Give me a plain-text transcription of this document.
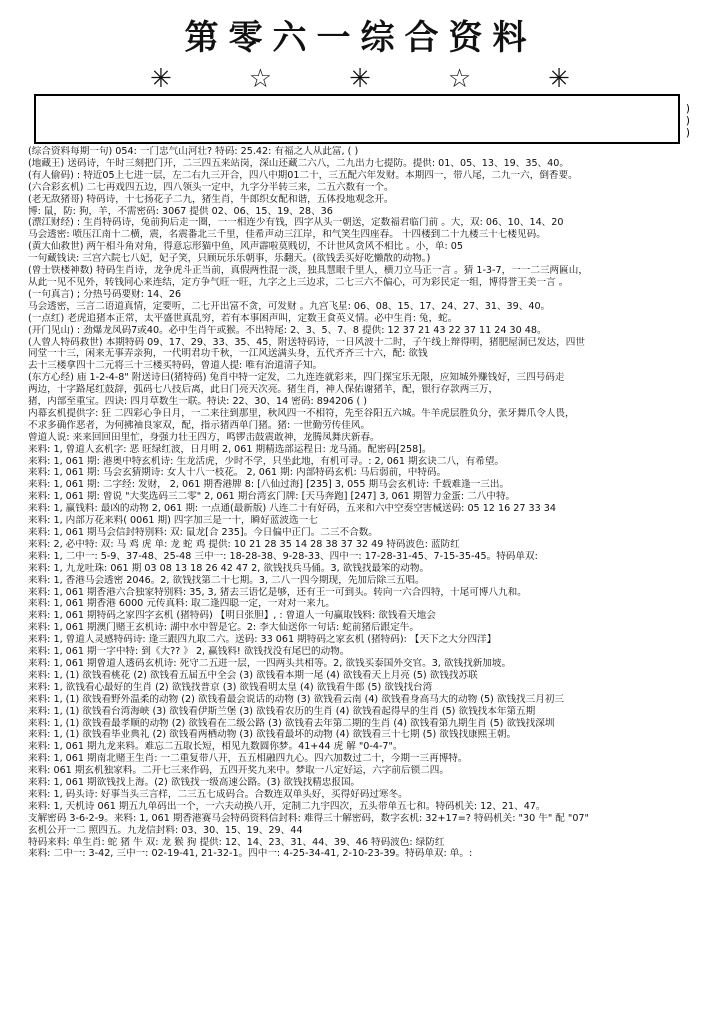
第零六一综合资料
✳	☆	✳	☆	✳
)
)
)
(综合资料每期一句) 054: 一门忠气山河壮? 特码: 25.42: 有福之人从此富, ( )
(地藏王) 送码诗，午时三刻把门开，二三四五来站岗，深山还藏二六八，二九出力七提防。提供: 01、05、13、19、35、40。
(有人偷码) : 特近05上七进一层，左二右九三开合，四八中期01二十，三五配六年发财。本期四一，带八尾，二九一六，倒香要。
(六合彩玄机) 二七再戏四五边，四八领头一定中，九字分半转三来，二五六数有一个。
(老无敌猪哥) 特码诗，十七扬花子二九，猪生肖，牛郎织女配和谐，五体投地观念开。
博: 鼠，防: 狗，羊，不需密码: 3067 提供 02、06、15、19、28、36
(漂江财经) : 生肖特码诗，兔前狗后走一圈，一一相连少有钱，四字从头一朝送，定数福君临门前 。大，双: 06、10、14、20
马会透密: 喷压江南十二横，震，名震番北三千里，佳希声动三江岸，和气笑生四座春。 十四楼到二十九楼三十七楼见码。
(黄大仙救世) 两午相斗角对角，得意忘形猫中鱼，风声霹啦莫贱切，不计世风贪风不相比 。小，单: 05
一句藏钱诀: 三宫六院七八妃，妃子笑，只顾玩乐乐朝事，乐翻天。(欲钱丢买好吃懒散的动物。)
(曾士铁楼神数) 特码生肖诗，龙争虎斗正当前，真假两性混一淡，独具慧眼千里人，横刀立马正一言 。猜 1-3-7，一一二三两匾山，
从此一见不见外，转钱同心来连结，定方争气旺一旺，九字之上三边求，二七三六不偏心，可为彩民定一组，博得誉王美一言 。
(一句真言) ; 分热号码要财: 14、26
马会透密，三言二语道真情，定要听，二七开出富不贪，可发财 。九宫飞星: 06、08、15、17、24、27、31、39、40。
(一点红) 老虎追猪本正常，太平盛世真乱穷，若有本事困声叫，定数王食英义情。必中生肖: 兔，蛇。
(开门见山) : 劲爆龙凤码7或40。必中生肖午或猴。不出特尾: 2、3、5、7、8 提供: 12 37 21 43 22 37 11 24 30 48。
(人曾人特码救世) 本期特码 09、17、29、33、35、45，附送特码诗，一日风波十二时，子午线上辩得明，猪肥屋洞已发达，四世
同堂一十三，闲来无事弄亲狗，一代明君功千秋，一江风送满头身，五代齐齐三十六，配: 欲钱
去十三楼拿四十二元将三十三楼买特码，曾道人提: 唯有治道清子知。
(东方心经) 庙 1-2-4-8" 附送诗曰(猪特码) 兔肖中特一定发，二九连连就彩来，四门探宝乐无限，应知城外赚钱好，三四号码走
两边，十字路尾红鼓辞，弧码七八技后离，此日门亮天次亮。猪生肖，神人保佑谢猪羊，配，银行存款两三万，
猪，内部至重宝。四诀: 四月草数生一联。特诀: 22、30、14 密码: 894206 ( )
内幕玄机提供字: 狂 二四彩心争日月，一二来往到那里，秋风四一不相符，先至谷阳五六城。牛羊虎层胜负分，张牙舞爪令人畏，
不求多确作恶者，为何拂袖良家双，配，指示猪西单门猪。猪: 一世勤劳传佳风。
曾道人说: 来来回回田里忙，身强力壮王四方，鸣锣击鼓震敢神，龙腾凤舞庆新春。
来料: 1, 曾道人玄机字: 恶 旺绿红波，日月明 2, 061 期精选部运程日: 龙马涌。配密码[258]。
来料: 1, 061 期: 港奥中特玄机诗: 生龙活虎，少时不学，只坐此地，有机可寻。: 2, 061 期玄诀二八，有希望。
来料: 1, 061 期: 马会玄猜期诗: 女人十八一枝花。 2, 061 期: 内部特码玄机: 马后弱前，中特码。
来料: 1, 061 期: 二字经: 发财， 2, 061 期香港牌 8: [八仙过海] [235] 3, 055 期马会玄机诗: 千载难逢一三出。
来料: 1, 061 期: 曾说 "大奖选码三二零" 2, 061 期台湾玄门牌: [天马奔跑] [247] 3, 061 期智力金蛋: 二八中特。
来料: 1, 赢钱料: 最凶的动物 2, 061 期: 一点通(最新版) 八连二十有好码，五来和六中空奏空害械送码: 05 12 16 27 33 34
来料: 1, 内部万花来料( 0061 期) 四字加三是一十，瞬好蓝波选一七
来料: 1, 061 期马会信封特别料: 双: 鼠龙[合 235]。今日偏中正门。二三不合数。
来料: 2, 必中特: 双: 马 鸡 虎 单: 龙 蛇 鸡 提供: 10 21 28 35 14 28 38 37 32 49 特码波色: 蓝防红
来料: 1, 二中一: 5-9、37-48、25-48 三中一: 18-28-38、9-28-33、四中一: 17-28-31-45、7-15-35-45。特码单双:
来料: 1, 九龙吐珠: 061 期 03 08 13 18 26 42 47 2, 欲钱找兵马俑。3, 欲钱找最笨的动物。
来料: 1, 香港马会透密 2046。2, 欲钱找第二十七期。3, 二八一四今期现，先加后除三五唱。
来料: 1, 061 期香港六合独家特别料: 35, 3, 猪去三语忆是够，还有王一可到头。转向一六合四特，十尾可博八九和。
来料: 1, 061 期香港 6000 元传真料: 取二逢四聪一定，一对对一来九。
来料: 1, 061 期特码之家四字玄机 (猪特码) 【明日张胆】, : 曾道人一句赢取钱料: 欲钱看天地会
来料: 1, 061 期澳门赌王玄机诗: 湖中水中智是它。2: 李大仙送你一句话: 蛇前猪后跟定牛。
来料: 1, 曾道人灵感特码诗: 逢三跟四九取二六。送码: 33 061 期特码之家玄机 (猪特码): 【天下之大分四洋】
来料: 1, 061 期一字中特: 到《大?? 》 2, 赢钱料! 欲钱找没有尾巴的动物。
来料: 1, 061 期曾道人透码玄机诗: 死守二五进一层，一四两头共相等。2, 欲钱买泰国外交官。3, 欲钱找新加坡。
来料: 1, (1) 欲钱看桃花 (2) 欲钱看五届五中全会 (3) 欲钱看本期一尾 (4) 欲钱看天上月亮 (5) 欲钱找苏联
来料: 1, 欲钱看心最好的生肖 (2) 欲钱找普京 (3) 欲钱看明太皇 (4) 欲钱看牛郎 (5) 欲钱找台湾
来料: 1, (1) 欲钱看野外温柔的动物 (2) 欲钱看最会说话的动物 (3) 欲钱看云南 (4) 欲钱看身高马大的动物 (5) 欲钱找三月初三
来料: 1, (1) 欲钱看台湾海峡 (3) 欲钱看伊斯兰堡 (3) 欲钱看农历的生肖 (4) 欲钱看起得早的生肖 (5) 欲钱找本年第五期
来料: 1, (1) 欲钱看最孝顺的动物 (2) 欲钱看在二级公路 (3) 欲钱看去年第二期的生肖 (4) 欲钱看第九期生肖 (5) 欲钱找深圳
来料: 1, (1) 欲钱看毕业典礼 (2) 欲钱看两栖动物 (3) 欲钱看最坏的动物 (4) 欲钱看三十七期 (5) 欲钱找康熙王朝。
来料: 1, 061 期九龙来料。难忘二五取长短，相见九数圆你梦。41+44 虎 解 "0-4-7"。
来料: 1, 061 期南北赌王生肖: 一二重复带八开，五五相融四九心。四六加数过二十，今期一三再博特。
来料: 061 期玄机独家料。二开七三来作码，五四开奖九来中。梦取一八定好运，六字前后锁二四。
来料: 1, 061 期欲钱找上海。(2) 欲钱找一级高速公路。(3) 欲钱找精忠报国。
来料: 1, 码头诗: 好事当头三言样，二三五七成码合。合数连双单头好，买得好码过寒冬。
来料: 1, 天机诗 061 期五九单码出一个，一六夫动换八开，定制二九宇四次，五头带单五七和。特码机关: 12、21、47。
支解密码 3-6-2-9。来料: 1, 061 期香港赛马会特码资料信封料: 难得三十解密码，数字玄机: 32+17=? 特码机关: "30 牛" 配 "07"
玄机公开一二 照四五。九龙信封料: 03、30、15、19、29、44
特码来料: 单生肖: 蛇 猪 牛 双: 龙 猴 狗 提供: 12、14、23、31、44、39、46 特码波色: 绿防红
来料: 二中一: 3-42, 三中一: 02-19-41, 21-32-1。四中一: 4-25-34-41, 2-10-23-39。特码单双: 单。:
